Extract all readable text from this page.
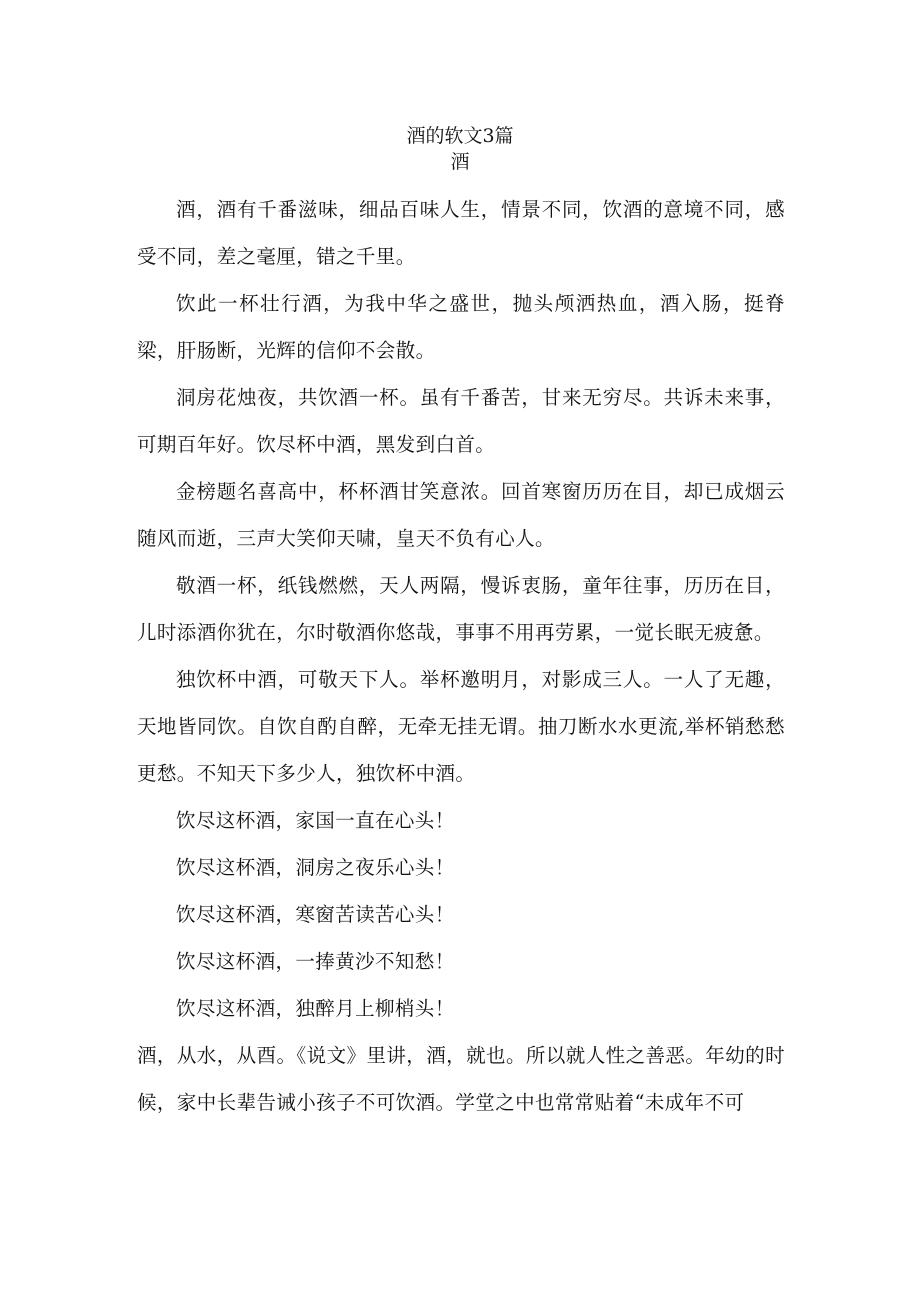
酒的软文3篇
酒

酒，酒有千番滋味，细品百味人生，情景不同，饮酒的意境不同，感受不同，差之毫厘，错之千里。

饮此一杯壮行酒，为我中华之盛世，抛头颅洒热血，酒入肠，挺脊梁，肝肠断，光辉的信仰不会散。

洞房花烛夜，共饮酒一杯。虽有千番苦，甘来无穷尽。共诉未来事，可期百年好。饮尽杯中酒，黑发到白首。

金榜题名喜高中，杯杯酒甘笑意浓。回首寒窗历历在目，却已成烟云随风而逝，三声大笑仰天啸，皇天不负有心人。

敬酒一杯，纸钱燃燃，天人两隔，慢诉衷肠，童年往事，历历在目，儿时添酒你犹在，尔时敬酒你悠哉，事事不用再劳累，一觉长眠无疲惫。

独饮杯中酒，可敬天下人。举杯邀明月，对影成三人。一人了无趣，天地皆同饮。自饮自酌自醉，无牵无挂无谓。抽刀断水水更流,举杯销愁愁更愁。不知天下多少人，独饮杯中酒。

饮尽这杯酒，家国一直在心头！

饮尽这杯酒，洞房之夜乐心头！

饮尽这杯酒，寒窗苦读苦心头！

饮尽这杯酒，一捧黄沙不知愁！

饮尽这杯酒，独醉月上柳梢头！

酒，从水，从酉。《说文》里讲，酒，就也。所以就人性之善恶。年幼的时候，家中长辈告诫小孩子不可饮酒。学堂之中也常常贴着“未成年不可
